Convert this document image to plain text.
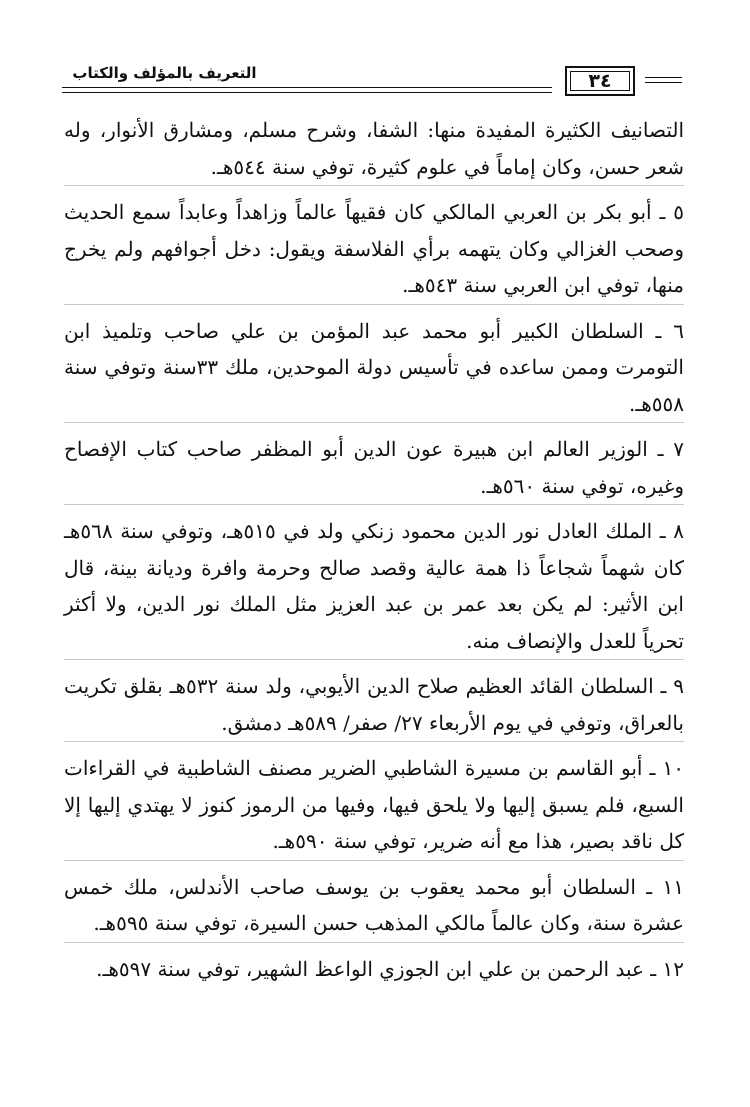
التعريف بالمؤلف والكتاب	٣٤

التصانيف الكثيرة المفيدة منها: الشفا، وشرح مسلم، ومشارق الأنوار، وله شعر حسن، وكان إماماً في علوم كثيرة، توفي سنة ٥٤٤هـ.

٥ ـ أبو بكر بن العربي المالكي كان فقيهاً عالماً وزاهداً وعابداً سمع الحديث وصحب الغزالي وكان يتهمه برأي الفلاسفة ويقول: دخل أجوافهم ولم يخرج منها، توفي ابن العربي سنة ٥٤٣هـ.

٦ ـ السلطان الكبير أبو محمد عبد المؤمن بن علي صاحب وتلميذ ابن التومرت وممن ساعده في تأسيس دولة الموحدين، ملك ٣٣سنة وتوفي سنة ٥٥٨هـ.

٧ ـ الوزير العالم ابن هبيرة عون الدين أبو المظفر صاحب كتاب الإفصاح وغيره، توفي سنة ٥٦٠هـ.

٨ ـ الملك العادل نور الدين محمود زنكي ولد في ٥١٥هـ، وتوفي سنة ٥٦٨هـ كان شهماً شجاعاً ذا همة عالية وقصد صالح وحرمة وافرة وديانة بينة، قال ابن الأثير: لم يكن بعد عمر بن عبد العزيز مثل الملك نور الدين، ولا أكثر تحرياً للعدل والإنصاف منه.

٩ ـ السلطان القائد العظيم صلاح الدين الأيوبي، ولد سنة ٥٣٢هـ بقلق تكريت بالعراق، وتوفي في يوم الأربعاء ٢٧/ صفر/ ٥٨٩هـ دمشق.

١٠ ـ أبو القاسم بن مسيرة الشاطبي الضرير مصنف الشاطبية في القراءات السبع، فلم يسبق إليها ولا يلحق فيها، وفيها من الرموز كنوز لا يهتدي إليها إلا كل ناقد بصير، هذا مع أنه ضرير، توفي سنة ٥٩٠هـ.

١١ ـ السلطان أبو محمد يعقوب بن يوسف صاحب الأندلس، ملك خمس عشرة سنة، وكان عالماً مالكي المذهب حسن السيرة، توفي سنة ٥٩٥هـ.

١٢ ـ عبد الرحمن بن علي ابن الجوزي الواعظ الشهير، توفي سنة ٥٩٧هـ.
